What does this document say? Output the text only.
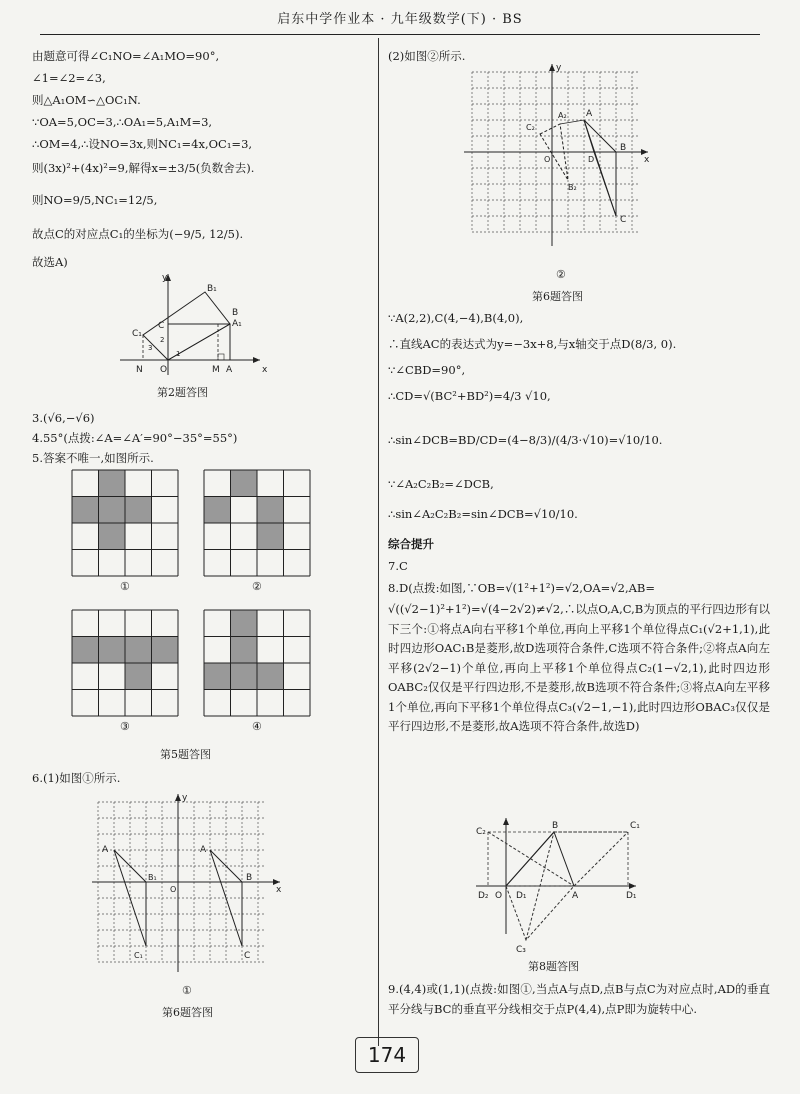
启东中学作业本 · 九年级数学(下) · BS
由题意可得∠C₁NO=∠A₁MO=90°,
∠1=∠2=∠3,
则△A₁OM∽△OC₁N.
∵OA=5,OC=3,∴OA₁=5,A₁M=3,
∴OM=4,∴设NO=3x,则NC₁=4x,OC₁=3,
则(3x)²+(4x)²=9,解得x=±3/5(负数舍去).
则NO=9/5,NC₁=12/5,
故点C的对应点C₁的坐标为(−9/5, 12/5).
故选A)
y
x
B₁
A₁
C₁
C
B
3
2
1
N O	M A
第2题答图
3.(√6,−√6)
4.55°(点拨:∠A=∠A′=90°−35°=55°)
5.答案不唯一,如图所示.
①	②
③	④
第5题答图
6.(1)如图①所示.
A
B₁
C₁
A
B
C
O	x
y
①
第6题答图
(2)如图②所示.
A
B
C
A₂
C₂
B₂
O	D	x
y
②
第6题答图
∵A(2,2),C(4,−4),B(4,0),
∴直线AC的表达式为y=−3x+8,与x轴交于点D(8/3, 0).
∵∠CBD=90°,
∴CD=√(BC²+BD²)=4/3 √10,
∴sin∠DCB=BD/CD=(4−8/3)/(4/3·√10)=√10/10.
∵∠A₂C₂B₂=∠DCB,
∴sin∠A₂C₂B₂=sin∠DCB=√10/10.
综合提升
7.C
8.D(点拨:如图,∵OB=√(1²+1²)=√2,OA=√2,AB=
√((√2−1)²+1²)=√(4−2√2)≠√2,∴以点O,A,C,B为顶点的平行四边形有以下三个:①将点A向右平移1个单位,再向上平移1个单位得点C₁(√2+1,1),此时四边形OAC₁B是菱形,故D选项符合条件,C选项不符合条件;②将点A向左平移(2√2−1)个单位,再向上平移1个单位得点C₂(1−√2,1),此时四边形OABC₂仅仅是平行四边形,不是菱形,故B选项不符合条件;③将点A向左平移1个单位,再向下平移1个单位得点C₃(√2−1,−1),此时四边形OBAC₃仅仅是平行四边形,不是菱形,故A选项不符合条件,故选D)
C₂
B	C₁
D₂ O D₁	A	D₁
C₃
第8题答图
9.(4,4)或(1,1)(点拨:如图①,当点A与点D,点B与点C为对应点时,AD的垂直平分线与BC的垂直平分线相交于点P(4,4),点P即为旋转中心.
174
